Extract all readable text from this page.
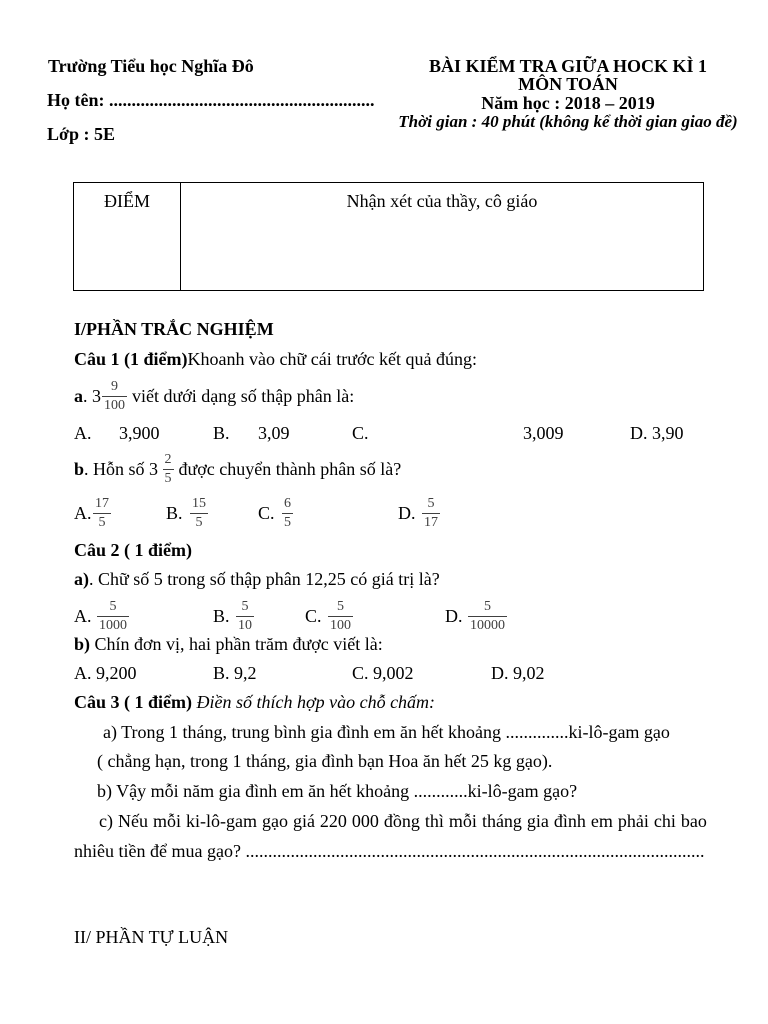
Trường Tiểu học Nghĩa Đô
Họ tên: ...........................................................
Lớp : 5E
BÀI KIỂM TRA GIỮA HOCK KÌ 1
MÔN TOÁN
Năm học : 2018 – 2019
Thời gian : 40 phút (không kể thời gian giao đề)
ĐIỂM	Nhận xét của thầy, cô giáo
I/PHẦN TRẮC NGHIỆM
Câu 1 (1 điểm)Khoanh vào chữ cái trước kết quả đúng:
a . $3 \frac{9}{100}$ viết dưới dạng số thập phân là:
A. 3,900	B. 3,09	C.	3,009	D. 3,90
b . Hỗn số $3 \frac{2}{5}$ được chuyển thành phân số là?
A. $\frac{17}{5}$	B. $\frac{15}{5}$	C. $\frac{6}{5}$	D. $\frac{5}{17}$
Câu 2 ( 1 điểm)
a). Chữ số 5 trong số thập phân 12,25 có giá trị là?
A. $\frac{5}{1000}$	B. $\frac{5}{10}$	C. $\frac{5}{100}$	D. $\frac{5}{10000}$
b) Chín đơn vị, hai phần trăm được viết là:
A. 9,200	B. 9,2	C. 9,002	D. 9,02
Câu 3 ( 1 điểm) Điền số thích hợp vào chỗ chấm:
a) Trong 1 tháng, trung bình gia đình em ăn hết khoảng ..............ki-lô-gam gạo
( chẳng hạn, trong 1 tháng, gia đình bạn Hoa ăn hết 25 kg gạo).
b) Vậy mỗi năm gia đình em ăn hết khoảng ............ki-lô-gam gạo?
c) Nếu mỗi ki-lô-gam gạo giá 220 000 đồng thì mỗi tháng gia đình em phải chi bao
nhiêu tiền để mua gạo? ......................................................................................................
II/ PHẦN TỰ LUẬN
